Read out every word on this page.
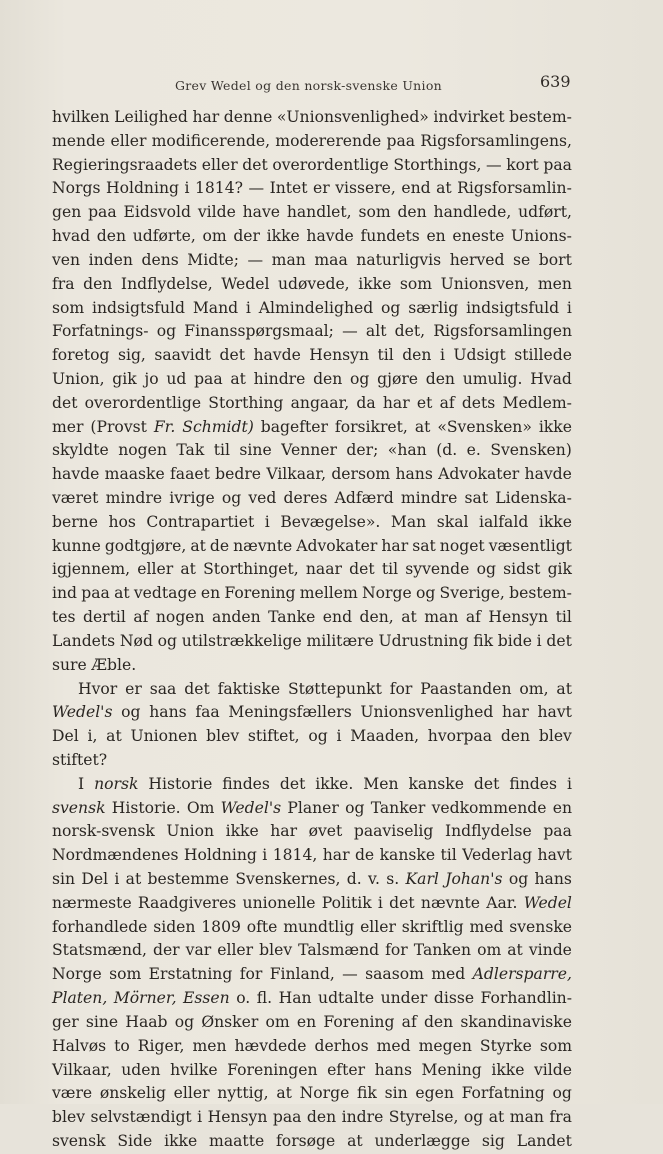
Grev Wedel og den norsk-svenske Union	639
hvilken Leilighed har denne «Unionsvenlighed» indvirket bestem-
mende eller modificerende, modererende paa Rigsforsamlingens,
Regieringsraadets eller det overordentlige Storthings, — kort paa
Norgs Holdning i 1814? — Intet er vissere, end at Rigsforsamlin-
gen paa Eidsvold vilde have handlet, som den handlede, udført,
hvad den udførte, om der ikke havde fundets en eneste Unions-
ven inden dens Midte; — man maa naturligvis herved se bort
fra den Indflydelse, Wedel udøvede, ikke som Unionsven, men
som indsigtsfuld Mand i Almindelighed og særlig indsigtsfuld i
Forfatnings- og Finansspørgsmaal; — alt det, Rigsforsamlingen
foretog sig, saavidt det havde Hensyn til den i Udsigt stillede
Union, gik jo ud paa at hindre den og gjøre den umulig. Hvad
det overordentlige Storthing angaar, da har et af dets Medlem-
mer (Provst Fr. Schmidt) bagefter forsikret, at «Svensken» ikke
skyldte nogen Tak til sine Venner der; «han (d. e. Svensken)
havde maaske faaet bedre Vilkaar, dersom hans Advokater havde
været mindre ivrige og ved deres Adfærd mindre sat Lidenska-
berne hos Contrapartiet i Bevægelse». Man skal ialfald ikke
kunne godtgjøre, at de nævnte Advokater har sat noget væsentligt
igjennem, eller at Storthinget, naar det til syvende og sidst gik
ind paa at vedtage en Forening mellem Norge og Sverige, bestem-
tes dertil af nogen anden Tanke end den, at man af Hensyn til
Landets Nød og utilstrækkelige militære Udrustning fik bide i det
sure Æble.
Hvor er saa det faktiske Støttepunkt for Paastanden om, at
Wedel's og hans faa Meningsfællers Unionsvenlighed har havt
Del i, at Unionen blev stiftet, og i Maaden, hvorpaa den blev
stiftet?
I norsk Historie findes det ikke. Men kanske det findes i
svensk Historie. Om Wedel's Planer og Tanker vedkommende en
norsk-svensk Union ikke har øvet paaviselig Indflydelse paa
Nordmændenes Holdning i 1814, har de kanske til Vederlag havt
sin Del i at bestemme Svenskernes, d. v. s. Karl Johan's og hans
nærmeste Raadgiveres unionelle Politik i det nævnte Aar. Wedel
forhandlede siden 1809 ofte mundtlig eller skriftlig med svenske
Statsmænd, der var eller blev Talsmænd for Tanken om at vinde
Norge som Erstatning for Finland, — saasom med Adlersparre,
Platen, Mörner, Essen o. fl. Han udtalte under disse Forhandlin-
ger sine Haab og Ønsker om en Forening af den skandinaviske
Halvøs to Riger, men hævdede derhos med megen Styrke som
Vilkaar, uden hvilke Foreningen efter hans Mening ikke vilde
være ønskelig eller nyttig, at Norge fik sin egen Forfatning og
blev selvstændigt i Hensyn paa den indre Styrelse, og at man fra
svensk Side ikke maatte forsøge at underlægge sig Landet
